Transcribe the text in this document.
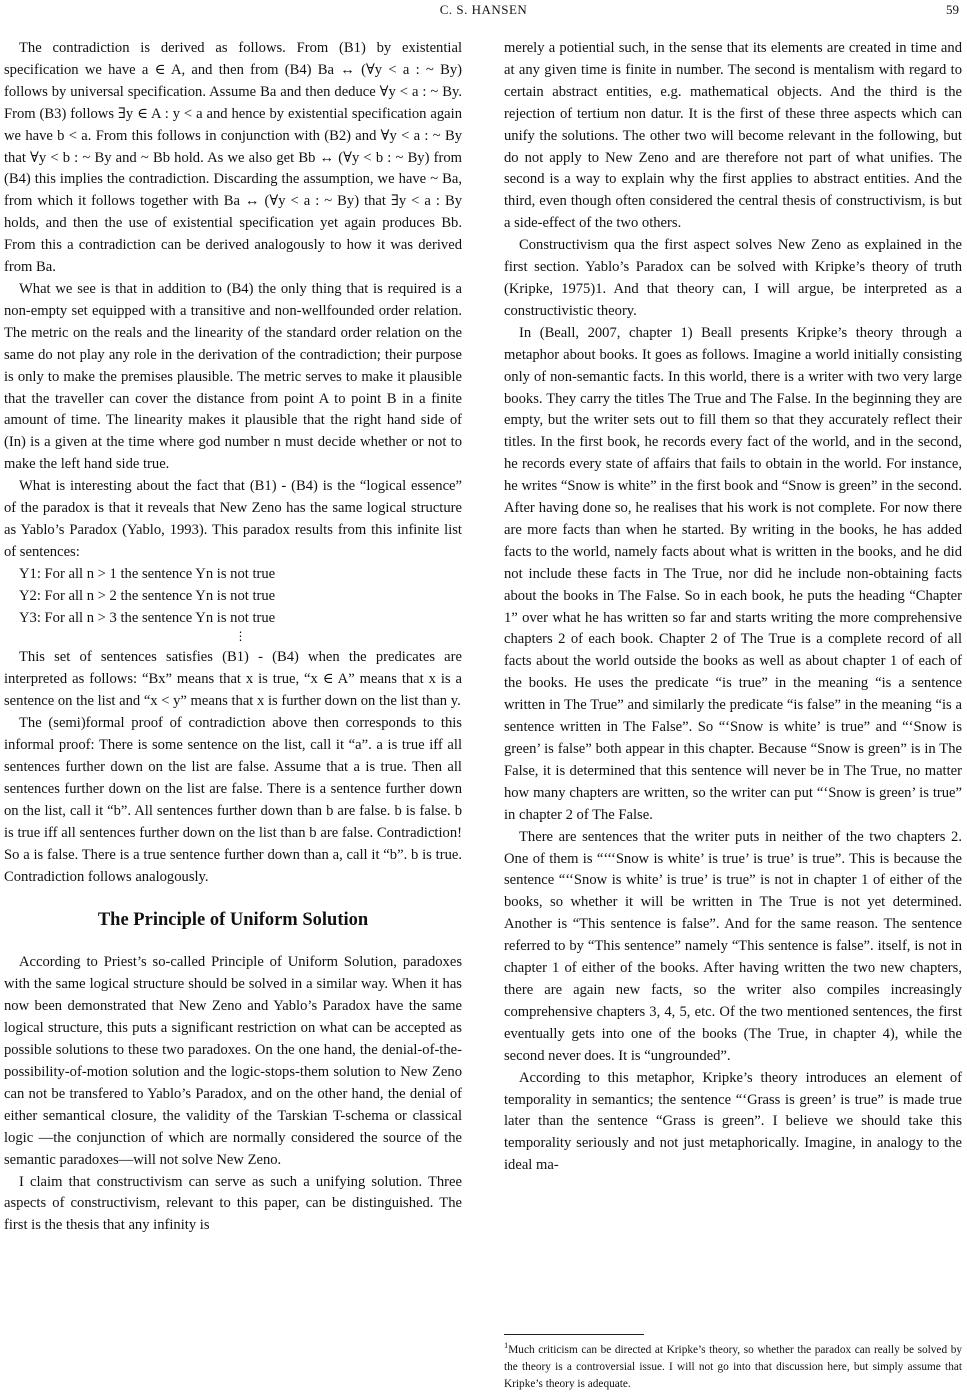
C. S. HANSEN	59

The contradiction is derived as follows. From (B1) by existential specification we have a ∈ A, and then from (B4) Ba ↔ (∀y < a : ~ By) follows by universal specification. Assume Ba and then deduce ∀y < a : ~ By. From (B3) follows ∃y ∈ A : y < a and hence by existential specification again we have b < a. From this follows in conjunction with (B2) and ∀y < a : ~ By that ∀y < b : ~ By and ~ Bb hold. As we also get Bb ↔ (∀y < b : ~ By) from (B4) this implies the contradiction. Discarding the assumption, we have ~ Ba, from which it follows together with Ba ↔ (∀y < a : ~ By) that ∃y < a : By holds, and then the use of existential specification yet again produces Bb. From this a contradiction can be derived analogously to how it was derived from Ba.

What we see is that in addition to (B4) the only thing that is required is a non-empty set equipped with a transitive and non-wellfounded order relation. The metric on the reals and the linearity of the standard order relation on the same do not play any role in the derivation of the contradiction; their purpose is only to make the premises plausible. The metric serves to make it plausible that the traveller can cover the distance from point A to point B in a finite amount of time. The linearity makes it plausible that the right hand side of (In) is a given at the time where god number n must decide whether or not to make the left hand side true.

What is interesting about the fact that (B1) - (B4) is the “logical essence” of the paradox is that it reveals that New Zeno has the same logical structure as Yablo’s Paradox (Yablo, 1993). This paradox results from this infinite list of sentences:

Y1: For all n > 1 the sentence Yn is not true
Y2: For all n > 2 the sentence Yn is not true
Y3: For all n > 3 the sentence Yn is not true
⋮

This set of sentences satisfies (B1) - (B4) when the predicates are interpreted as follows: “Bx” means that x is true, “x ∈ A” means that x is a sentence on the list and “x < y” means that x is further down on the list than y.

The (semi)formal proof of contradiction above then corresponds to this informal proof: There is some sentence on the list, call it “a”. a is true iff all sentences further down on the list are false. Assume that a is true. Then all sentences further down on the list are false. There is a sentence further down on the list, call it “b”. All sentences further down than b are false. b is false. b is true iff all sentences further down on the list than b are false. Contradiction! So a is false. There is a true sentence further down than a, call it “b”. b is true. Contradiction follows analogously.

The Principle of Uniform Solution

According to Priest’s so-called Principle of Uniform Solution, paradoxes with the same logical structure should be solved in a similar way. When it has now been demonstrated that New Zeno and Yablo’s Paradox have the same logical structure, this puts a significant restriction on what can be accepted as possible solutions to these two paradoxes. On the one hand, the denial-of-the-possibility-of-motion solution and the logic-stops-them solution to New Zeno can not be transfered to Yablo’s Paradox, and on the other hand, the denial of either semantical closure, the validity of the Tarskian T-schema or classical logic —the conjunction of which are normally considered the source of the semantic paradoxes—will not solve New Zeno.

I claim that constructivism can serve as such a unifying solution. Three aspects of constructivism, relevant to this paper, can be distinguished. The first is the thesis that any infinity is

merely a potiential such, in the sense that its elements are created in time and at any given time is finite in number. The second is mentalism with regard to certain abstract entities, e.g. mathematical objects. And the third is the rejection of tertium non datur. It is the first of these three aspects which can unify the solutions. The other two will become relevant in the following, but do not apply to New Zeno and are therefore not part of what unifies. The second is a way to explain why the first applies to abstract entities. And the third, even though often considered the central thesis of constructivism, is but a side-effect of the two others.

Constructivism qua the first aspect solves New Zeno as explained in the first section. Yablo’s Paradox can be solved with Kripke’s theory of truth (Kripke, 1975)1. And that theory can, I will argue, be interpreted as a constructivistic theory.

In (Beall, 2007, chapter 1) Beall presents Kripke’s theory through a metaphor about books. It goes as follows. Imagine a world initially consisting only of non-semantic facts. In this world, there is a writer with two very large books. They carry the titles The True and The False. In the beginning they are empty, but the writer sets out to fill them so that they accurately reflect their titles. In the first book, he records every fact of the world, and in the second, he records every state of affairs that fails to obtain in the world. For instance, he writes “Snow is white” in the first book and “Snow is green” in the second. After having done so, he realises that his work is not complete. For now there are more facts than when he started. By writing in the books, he has added facts to the world, namely facts about what is written in the books, and he did not include these facts in The True, nor did he include non-obtaining facts about the books in The False. So in each book, he puts the heading “Chapter 1” over what he has written so far and starts writing the more comprehensive chapters 2 of each book. Chapter 2 of The True is a complete record of all facts about the world outside the books as well as about chapter 1 of each of the books. He uses the predicate “is true” in the meaning “is a sentence written in The True” and similarly the predicate “is false” in the meaning “is a sentence written in The False”. So “‘Snow is white’ is true” and “‘Snow is green’ is false” both appear in this chapter. Because “Snow is green” is in The False, it is determined that this sentence will never be in The True, no matter how many chapters are written, so the writer can put “‘Snow is green’ is true” in chapter 2 of The False.

There are sentences that the writer puts in neither of the two chapters 2. One of them is “‘‘‘Snow is white’ is true’ is true’ is true”. This is because the sentence “‘‘Snow is white’ is true’ is true” is not in chapter 1 of either of the books, so whether it will be written in The True is not yet determined. Another is “This sentence is false”. And for the same reason. The sentence referred to by “This sentence” namely “This sentence is false”. itself, is not in chapter 1 of either of the books. After having written the two new chapters, there are again new facts, so the writer also compiles increasingly comprehensive chapters 3, 4, 5, etc. Of the two mentioned sentences, the first eventually gets into one of the books (The True, in chapter 4), while the second never does. It is “ungrounded”.

According to this metaphor, Kripke’s theory introduces an element of temporality in semantics; the sentence “‘Grass is green’ is true” is made true later than the sentence “Grass is green”. I believe we should take this temporality seriously and not just metaphorically. Imagine, in analogy to the ideal ma-

$^1$Much criticism can be directed at Kripke’s theory, so whether the paradox can really be solved by the theory is a controversial issue. I will not go into that discussion here, but simply assume that Kripke’s theory is adequate.
